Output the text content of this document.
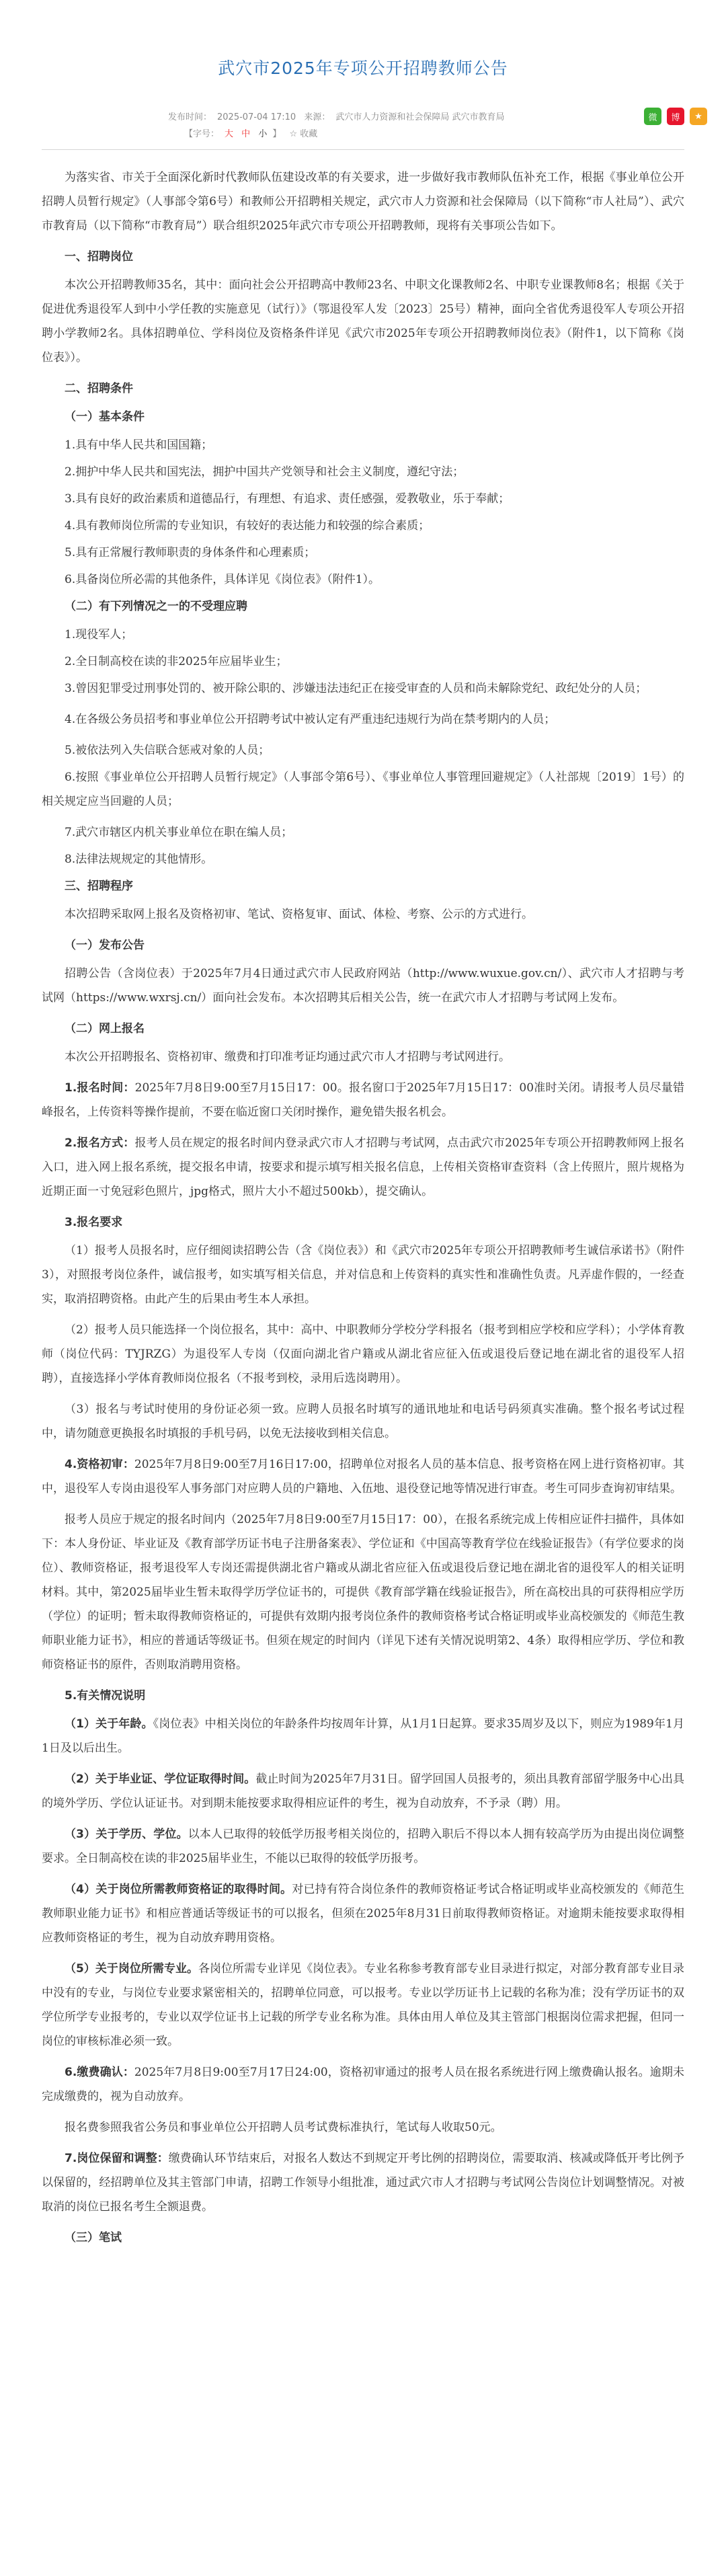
武穴市2025年专项公开招聘教师公告
发布时间： 2025-07-04 17:10 来源： 武穴市人力资源和社会保障局 武穴市教育局
【字号： 大 中 小 】 ☆ 收藏
微	博	★

为落实省、市关于全面深化新时代教师队伍建设改革的有关要求，进一步做好我市教师队伍补充工作，根据《事业单位公开招聘人员暂行规定》（人事部令第6号）和教师公开招聘相关规定，武穴市人力资源和社会保障局（以下简称“市人社局”）、武穴市教育局（以下简称“市教育局”）联合组织2025年武穴市专项公开招聘教师，现将有关事项公告如下。

一、招聘岗位

本次公开招聘教师35名，其中：面向社会公开招聘高中教师23名、中职文化课教师2名、中职专业课教师8名；根据《关于促进优秀退役军人到中小学任教的实施意见（试行）》（鄂退役军人发〔2023〕25号）精神，面向全省优秀退役军人专项公开招聘小学教师2名。具体招聘单位、学科岗位及资格条件详见《武穴市2025年专项公开招聘教师岗位表》（附件1，以下简称《岗位表》）。

二、招聘条件
（一）基本条件

1.具有中华人民共和国国籍；

2.拥护中华人民共和国宪法，拥护中国共产党领导和社会主义制度，遵纪守法；

3.具有良好的政治素质和道德品行，有理想、有追求、责任感强，爱教敬业，乐于奉献；

4.具有教师岗位所需的专业知识，有较好的表达能力和较强的综合素质；

5.具有正常履行教师职责的身体条件和心理素质；

6.具备岗位所必需的其他条件，具体详见《岗位表》（附件1）。

（二）有下列情况之一的不受理应聘

1.现役军人；

2.全日制高校在读的非2025年应届毕业生；

3.曾因犯罪受过刑事处罚的、被开除公职的、涉嫌违法违纪正在接受审查的人员和尚未解除党纪、政纪处分的人员；

4.在各级公务员招考和事业单位公开招聘考试中被认定有严重违纪违规行为尚在禁考期内的人员；

5.被依法列入失信联合惩戒对象的人员；

6.按照《事业单位公开招聘人员暂行规定》（人事部令第6号）、《事业单位人事管理回避规定》（人社部规〔2019〕1号）的相关规定应当回避的人员；

7.武穴市辖区内机关事业单位在职在编人员；

8.法律法规规定的其他情形。

三、招聘程序

本次招聘采取网上报名及资格初审、笔试、资格复审、面试、体检、考察、公示的方式进行。

（一）发布公告

招聘公告（含岗位表）于2025年7月4日通过武穴市人民政府网站（http://www.wuxue.gov.cn/）、武穴市人才招聘与考试网（https://www.wxrsj.cn/）面向社会发布。本次招聘其后相关公告，统一在武穴市人才招聘与考试网上发布。

（二）网上报名

本次公开招聘报名、资格初审、缴费和打印准考证均通过武穴市人才招聘与考试网进行。

1.报名时间：2025年7月8日9:00至7月15日17：00。报名窗口于2025年7月15日17：00准时关闭。请报考人员尽量错峰报名，上传资料等操作提前，不要在临近窗口关闭时操作，避免错失报名机会。

2.报名方式：报考人员在规定的报名时间内登录武穴市人才招聘与考试网，点击武穴市2025年专项公开招聘教师网上报名入口，进入网上报名系统，提交报名申请，按要求和提示填写相关报名信息，上传相关资格审查资料（含上传照片，照片规格为近期正面一寸免冠彩色照片，jpg格式，照片大小不超过500kb），提交确认。

3.报名要求

（1）报考人员报名时，应仔细阅读招聘公告（含《岗位表》）和《武穴市2025年专项公开招聘教师考生诚信承诺书》（附件3），对照报考岗位条件，诚信报考，如实填写相关信息，并对信息和上传资料的真实性和准确性负责。凡弄虚作假的，一经查实，取消招聘资格。由此产生的后果由考生本人承担。

（2）报考人员只能选择一个岗位报名，其中：高中、中职教师分学校分学科报名（报考到相应学校和应学科）；小学体育教师（岗位代码：TYJRZG）为退役军人专岗（仅面向湖北省户籍或从湖北省应征入伍或退役后登记地在湖北省的退役军人招聘），直接选择小学体育教师岗位报名（不报考到校，录用后选岗聘用）。

（3）报名与考试时使用的身份证必须一致。应聘人员报名时填写的通讯地址和电话号码须真实准确。整个报名考试过程中，请勿随意更换报名时填报的手机号码，以免无法接收到相关信息。

4.资格初审：2025年7月8日9:00至7月16日17:00，招聘单位对报名人员的基本信息、报考资格在网上进行资格初审。其中，退役军人专岗由退役军人事务部门对应聘人员的户籍地、入伍地、退役登记地等情况进行审查。考生可同步查询初审结果。

报考人员应于规定的报名时间内（2025年7月8日9:00至7月15日17：00），在报名系统完成上传相应证件扫描件，具体如下：本人身份证、毕业证及《教育部学历证书电子注册备案表》、学位证和《中国高等教育学位在线验证报告》（有学位要求的岗位）、教师资格证，报考退役军人专岗还需提供湖北省户籍或从湖北省应征入伍或退役后登记地在湖北省的退役军人的相关证明材料。其中，第2025届毕业生暂未取得学历学位证书的，可提供《教育部学籍在线验证报告》，所在高校出具的可获得相应学历（学位）的证明；暂未取得教师资格证的，可提供有效期内报考岗位条件的教师资格考试合格证明或毕业高校颁发的《师范生教师职业能力证书》，相应的普通话等级证书。但须在规定的时间内（详见下述有关情况说明第2、4条）取得相应学历、学位和教师资格证书的原件，否则取消聘用资格。

5.有关情况说明

（1）关于年龄。《岗位表》中相关岗位的年龄条件均按周年计算，从1月1日起算。要求35周岁及以下，则应为1989年1月1日及以后出生。

（2）关于毕业证、学位证取得时间。截止时间为2025年7月31日。留学回国人员报考的，须出具教育部留学服务中心出具的境外学历、学位认证证书。对到期未能按要求取得相应证件的考生，视为自动放弃，不予录（聘）用。

（3）关于学历、学位。以本人已取得的较低学历报考相关岗位的，招聘入职后不得以本人拥有较高学历为由提出岗位调整要求。全日制高校在读的非2025届毕业生，不能以已取得的较低学历报考。

（4）关于岗位所需教师资格证的取得时间。对已持有符合岗位条件的教师资格证考试合格证明或毕业高校颁发的《师范生教师职业能力证书》和相应普通话等级证书的可以报名，但须在2025年8月31日前取得教师资格证。对逾期未能按要求取得相应教师资格证的考生，视为自动放弃聘用资格。

（5）关于岗位所需专业。各岗位所需专业详见《岗位表》。专业名称参考教育部专业目录进行拟定，对部分教育部专业目录中没有的专业，与岗位专业要求紧密相关的，招聘单位同意，可以报考。专业以学历证书上记载的名称为准；没有学历证书的双学位所学专业报考的，专业以双学位证书上记载的所学专业名称为准。具体由用人单位及其主管部门根据岗位需求把握，但同一岗位的审核标准必须一致。

6.缴费确认：2025年7月8日9:00至7月17日24:00，资格初审通过的报考人员在报名系统进行网上缴费确认报名。逾期未完成缴费的，视为自动放弃。

报名费参照我省公务员和事业单位公开招聘人员考试费标准执行，笔试每人收取50元。

7.岗位保留和调整：缴费确认环节结束后，对报名人数达不到规定开考比例的招聘岗位，需要取消、核减或降低开考比例予以保留的，经招聘单位及其主管部门申请，招聘工作领导小组批准，通过武穴市人才招聘与考试网公告岗位计划调整情况。对被取消的岗位已报名考生全额退费。

（三）笔试
